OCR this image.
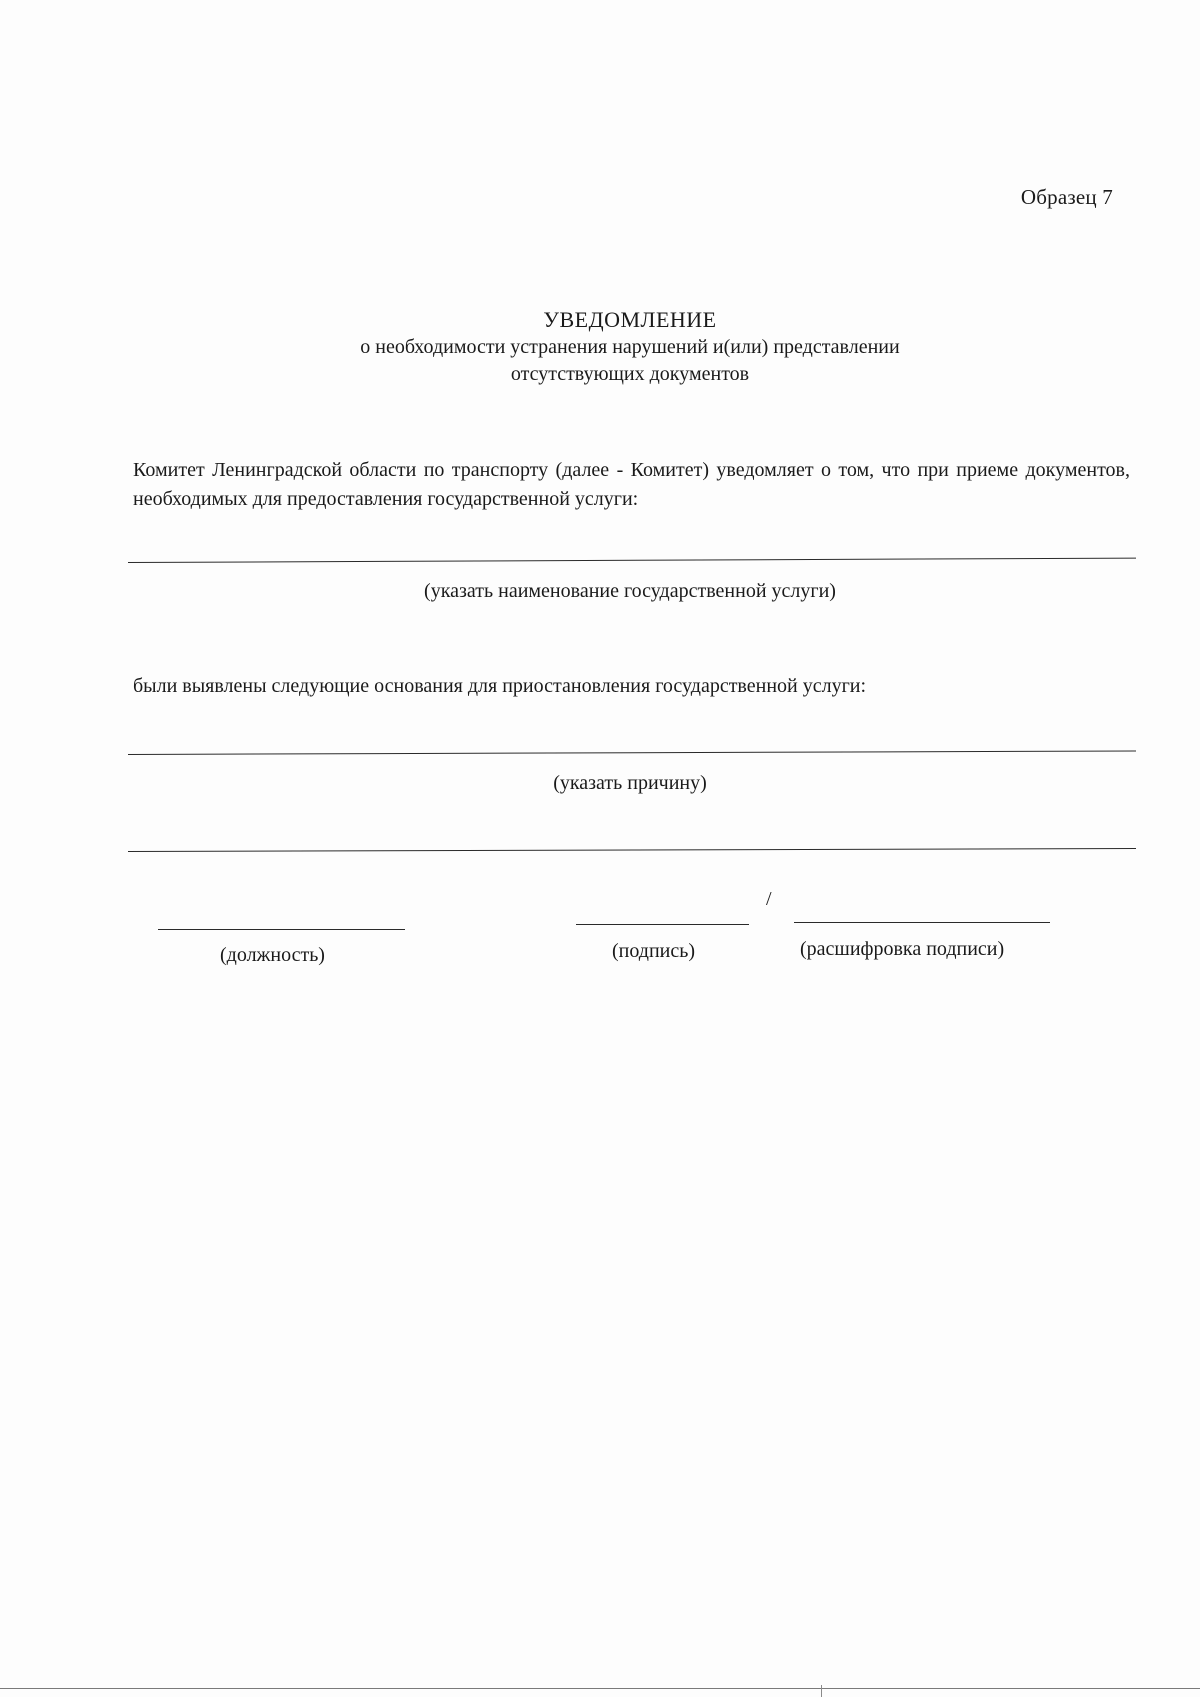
Образец 7
УВЕДОМЛЕНИЕ
о необходимости устранения нарушений и(или) представлении
отсутствующих документов
Комитет Ленинградской области по транспорту (далее - Комитет) уведомляет о том, что при приеме документов, необходимых для предоставления государственной услуги:
(указать наименование государственной услуги)
были выявлены следующие основания для приостановления государственной услуги:
(указать причину)
/
(должность)	(подпись)	(расшифровка подписи)
